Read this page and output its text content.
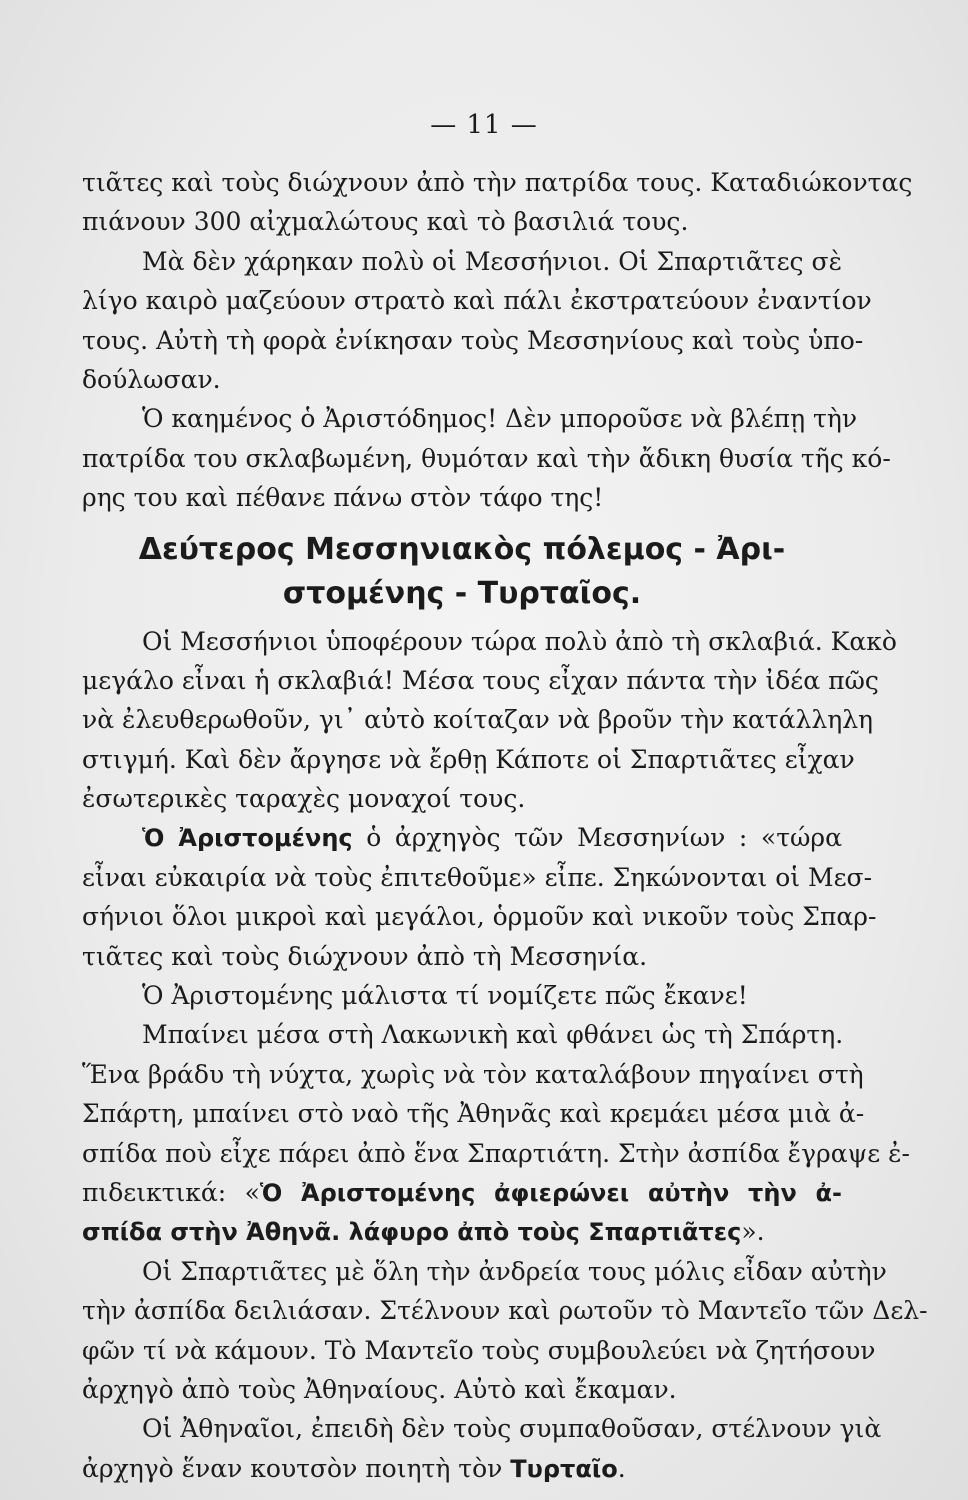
— 11 —
τιᾶτες καὶ τοὺς διώχνουν ἀπὸ τὴν πατρίδα τους. Καταδιώκοντας
πιάνουν 300 αἰχμαλώτους καὶ τὸ βασιλιά τους.
Μὰ δὲν χάρηκαν πολὺ οἱ Μεσσήνιοι. Οἱ Σπαρτιᾶτες σὲ
λίγο καιρὸ μαζεύουν στρατὸ καὶ πάλι ἐκστρατεύουν ἐναντίον
τους. Αὐτὴ τὴ φορὰ ἐνίκησαν τοὺς Μεσσηνίους καὶ τοὺς ὑπο-
δούλωσαν.
Ὁ καημένος ὁ Ἀριστόδημος! Δὲν μποροῦσε νὰ βλέπῃ τὴν
πατρίδα του σκλαβωμένη, θυμόταν καὶ τὴν ἄδικη θυσία τῆς κό-
ρης του καὶ πέθανε πάνω στὸν τάφο της!
Δεύτερος Μεσσηνιακὸς πόλεμος - Ἀρι-
στομένης - Τυρταῖος.
Οἱ Μεσσήνιοι ὑποφέρουν τώρα πολὺ ἀπὸ τὴ σκλαβιά. Κακὸ
μεγάλο εἶναι ἡ σκλαβιά! Μέσα τους εἶχαν πάντα τὴν ἰδέα πῶς
νὰ ἐλευθερωθοῦν, γι᾽ αὐτὸ κοίταζαν νὰ βροῦν τὴν κατάλληλη
στιγμή. Καὶ δὲν ἄργησε νὰ ἔρθῃ Κάποτε οἱ Σπαρτιᾶτες εἶχαν
ἐσωτερικὲς ταραχὲς μοναχοί τους.
Ὁ Ἀριστομένης ὁ ἀρχηγὸς τῶν Μεσσηνίων : «τώρα
εἶναι εὐκαιρία νὰ τοὺς ἐπιτεθοῦμε» εἶπε. Σηκώνονται οἱ Μεσ-
σήνιοι ὅλοι μικροὶ καὶ μεγάλοι, ὁρμοῦν καὶ νικοῦν τοὺς Σπαρ-
τιᾶτες καὶ τοὺς διώχνουν ἀπὸ τὴ Μεσσηνία.
Ὁ Ἀριστομένης μάλιστα τί νομίζετε πῶς ἔκανε!
Μπαίνει μέσα στὴ Λακωνικὴ καὶ φθάνει ὡς τὴ Σπάρτη.
Ἕνα βράδυ τὴ νύχτα, χωρὶς νὰ τὸν καταλάβουν πηγαίνει στὴ
Σπάρτη, μπαίνει στὸ ναὸ τῆς Ἀθηνᾶς καὶ κρεμάει μέσα μιὰ ἀ-
σπίδα ποὺ εἶχε πάρει ἀπὸ ἕνα Σπαρτιάτη. Στὴν ἀσπίδα ἔγραψε ἐ-
πιδεικτικά: «Ὁ Ἀριστομένης ἀφιερώνει αὐτὴν τὴν ἀ-
σπίδα στὴν Ἀθηνᾶ. λάφυρο ἀπὸ τοὺς Σπαρτιᾶτες».
Οἱ Σπαρτιᾶτες μὲ ὅλη τὴν ἀνδρεία τους μόλις εἶδαν αὐτὴν
τὴν ἀσπίδα δειλιάσαν. Στέλνουν καὶ ρωτοῦν τὸ Μαντεῖο τῶν Δελ-
φῶν τί νὰ κάμουν. Τὸ Μαντεῖο τοὺς συμβουλεύει νὰ ζητήσουν
ἀρχηγὸ ἀπὸ τοὺς Ἀθηναίους. Αὐτὸ καὶ ἔκαμαν.
Οἱ Ἀθηναῖοι, ἐπειδὴ δὲν τοὺς συμπαθοῦσαν, στέλνουν γιὰ
ἀρχηγὸ ἕναν κουτσὸν ποιητὴ τὸν Τυρταῖο.
